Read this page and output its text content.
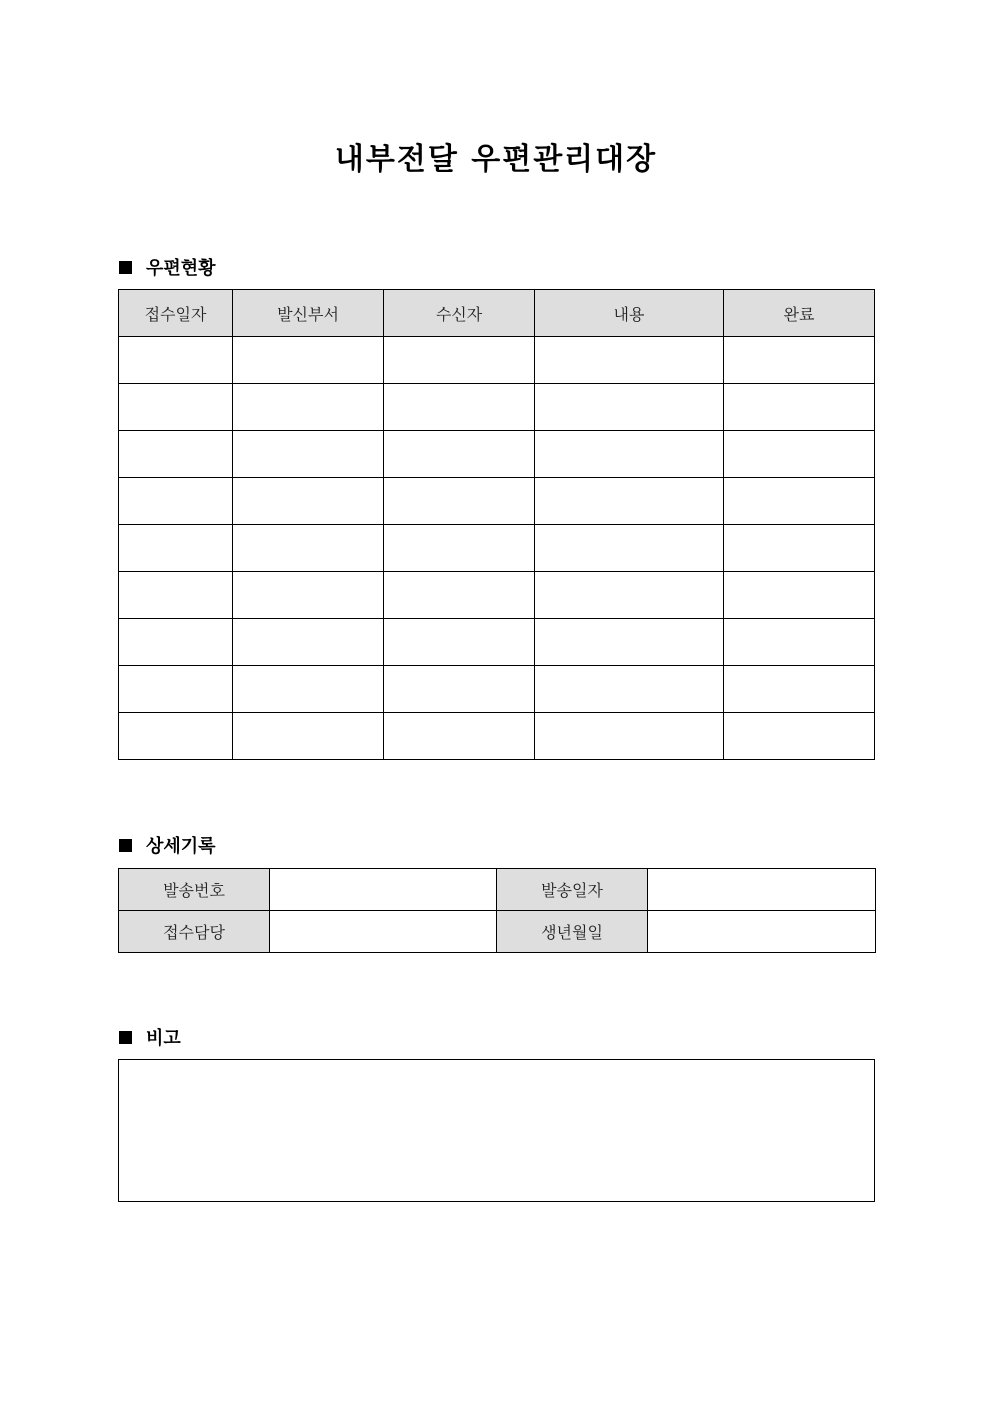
내부전달 우편관리대장
우편현황
접수일자	발신부서	수신자	내용	완료

상세기록
발송번호		발송일자	
접수담당		생년월일	
비고
